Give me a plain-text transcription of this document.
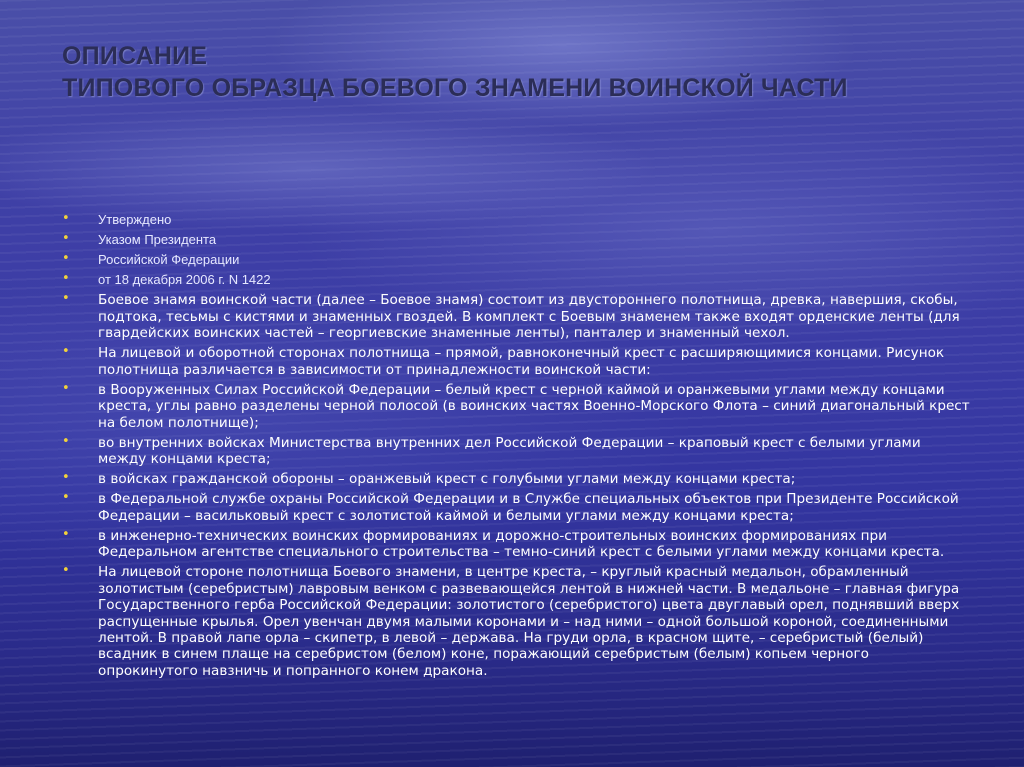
ОПИСАНИЕ
ТИПОВОГО ОБРАЗЦА БОЕВОГО ЗНАМЕНИ ВОИНСКОЙ ЧАСТИ
• Утверждено
• Указом Президента
• Российской Федерации
• от 18 декабря 2006 г. N 1422
• Боевое знамя воинской части (далее – Боевое знамя) состоит из двустороннего полотнища, древка, навершия, скобы, подтока, тесьмы с кистями и знаменных гвоздей. В комплект с Боевым знаменем также входят орденские ленты (для гвардейских воинских частей – георгиевские знаменные ленты), панталер и знаменный чехол.
• На лицевой и оборотной сторонах полотнища – прямой, равноконечный крест с расширяющимися концами. Рисунок полотнища различается в зависимости от принадлежности воинской части:
• в Вооруженных Силах Российской Федерации – белый крест с черной каймой и оранжевыми углами между концами креста, углы равно разделены черной полосой (в воинских частях Военно-Морского Флота – синий диагональный крест на белом полотнище);
• во внутренних войсках Министерства внутренних дел Российской Федерации – краповый крест с белыми углами между концами креста;
• в войсках гражданской обороны – оранжевый крест с голубыми углами между концами креста;
• в Федеральной службе охраны Российской Федерации и в Службе специальных объектов при Президенте Российской Федерации – васильковый крест с золотистой каймой и белыми углами между концами креста;
• в инженерно-технических воинских формированиях и дорожно-строительных воинских формированиях при Федеральном агентстве специального строительства – темно-синий крест с белыми углами между концами креста.
• На лицевой стороне полотнища Боевого знамени, в центре креста, – круглый красный медальон, обрамленный золотистым (серебристым) лавровым венком с развевающейся лентой в нижней части. В медальоне – главная фигура Государственного герба Российской Федерации: золотистого (серебристого) цвета двуглавый орел, поднявший вверх распущенные крылья. Орел увенчан двумя малыми коронами и – над ними – одной большой короной, соединенными лентой. В правой лапе орла – скипетр, в левой – держава. На груди орла, в красном щите, – серебристый (белый) всадник в синем плаще на серебристом (белом) коне, поражающий серебристым (белым) копьем черного опрокинутого навзничь и попранного конем дракона.
